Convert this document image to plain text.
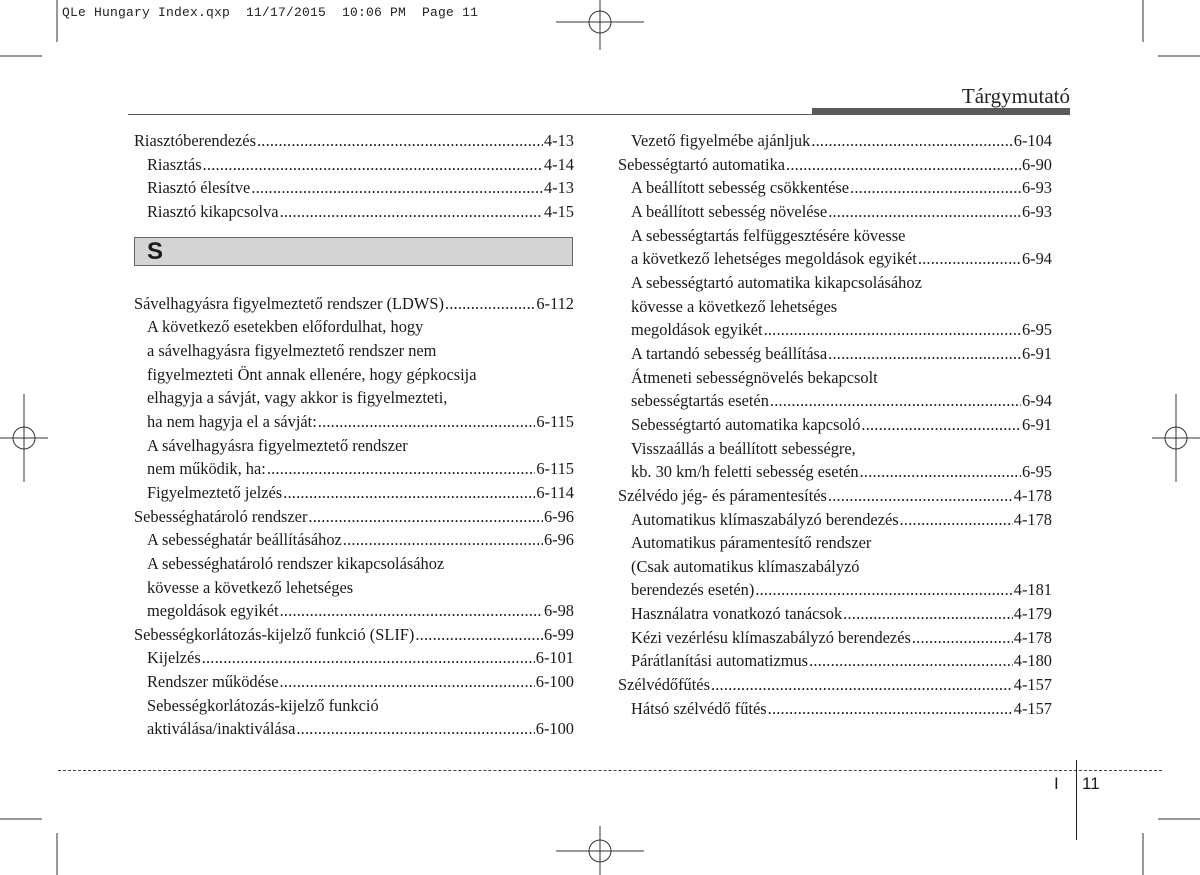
QLe Hungary Index.qxp  11/17/2015  10:06 PM  Page 11
Tárgymutató
Riasztóberendezés .....	4-13
Riasztás .....	4-14
Riasztó élesítve .....	4-13
Riasztó kikapcsolva .....	4-15
S
Sávelhagyásra figyelmeztető rendszer (LDWS) .....	6-112
A következő esetekben előfordulhat, hogy
a sávelhagyásra figyelmeztető rendszer nem
figyelmezteti Önt annak ellenére, hogy gépkocsija
elhagyja a sávját, vagy akkor is figyelmezteti,
ha nem hagyja el a sávját: .....	6-115
A sávelhagyásra figyelmeztető rendszer
nem működik, ha: .....	6-115
Figyelmeztető jelzés .....	6-114
Sebességhatároló rendszer .....	6-96
A sebességhatár beállításához .....	6-96
A sebességhatároló rendszer kikapcsolásához
kövesse a következő lehetséges
megoldások egyikét .....	6-98
Sebességkorlátozás-kijelző funkció (SLIF) .....	6-99
Kijelzés .....	6-101
Rendszer működése .....	6-100
Sebességkorlátozás-kijelző funkció
aktiválása/inaktiválása .....	6-100
Vezető figyelmébe ajánljuk .....	6-104
Sebességtartó automatika .....	6-90
A beállított sebesség csökkentése .....	6-93
A beállított sebesség növelése .....	6-93
A sebességtartás felfüggesztésére kövesse
a következő lehetséges megoldások egyikét .....	6-94
A sebességtartó automatika kikapcsolásához
kövesse a következő lehetséges
megoldások egyikét .....	6-95
A tartandó sebesség beállítása .....	6-91
Átmeneti sebességnövelés bekapcsolt
sebességtartás esetén .....	6-94
Sebességtartó automatika kapcsoló .....	6-91
Visszaállás a beállított sebességre,
kb. 30 km/h feletti sebesség esetén .....	6-95
Szélvédo jég- és páramentesítés .....	4-178
Automatikus klímaszabályzó berendezés .....	4-178
Automatikus páramentesítő rendszer
(Csak automatikus klímaszabályzó
berendezés esetén) .....	4-181
Használatra vonatkozó tanácsok .....	4-179
Kézi vezérlésu klímaszabályzó berendezés .....	4-178
Párátlanítási automatizmus .....	4-180
Szélvédőfűtés .....	4-157
Hátsó szélvédő fűtés .....	4-157
I 11
